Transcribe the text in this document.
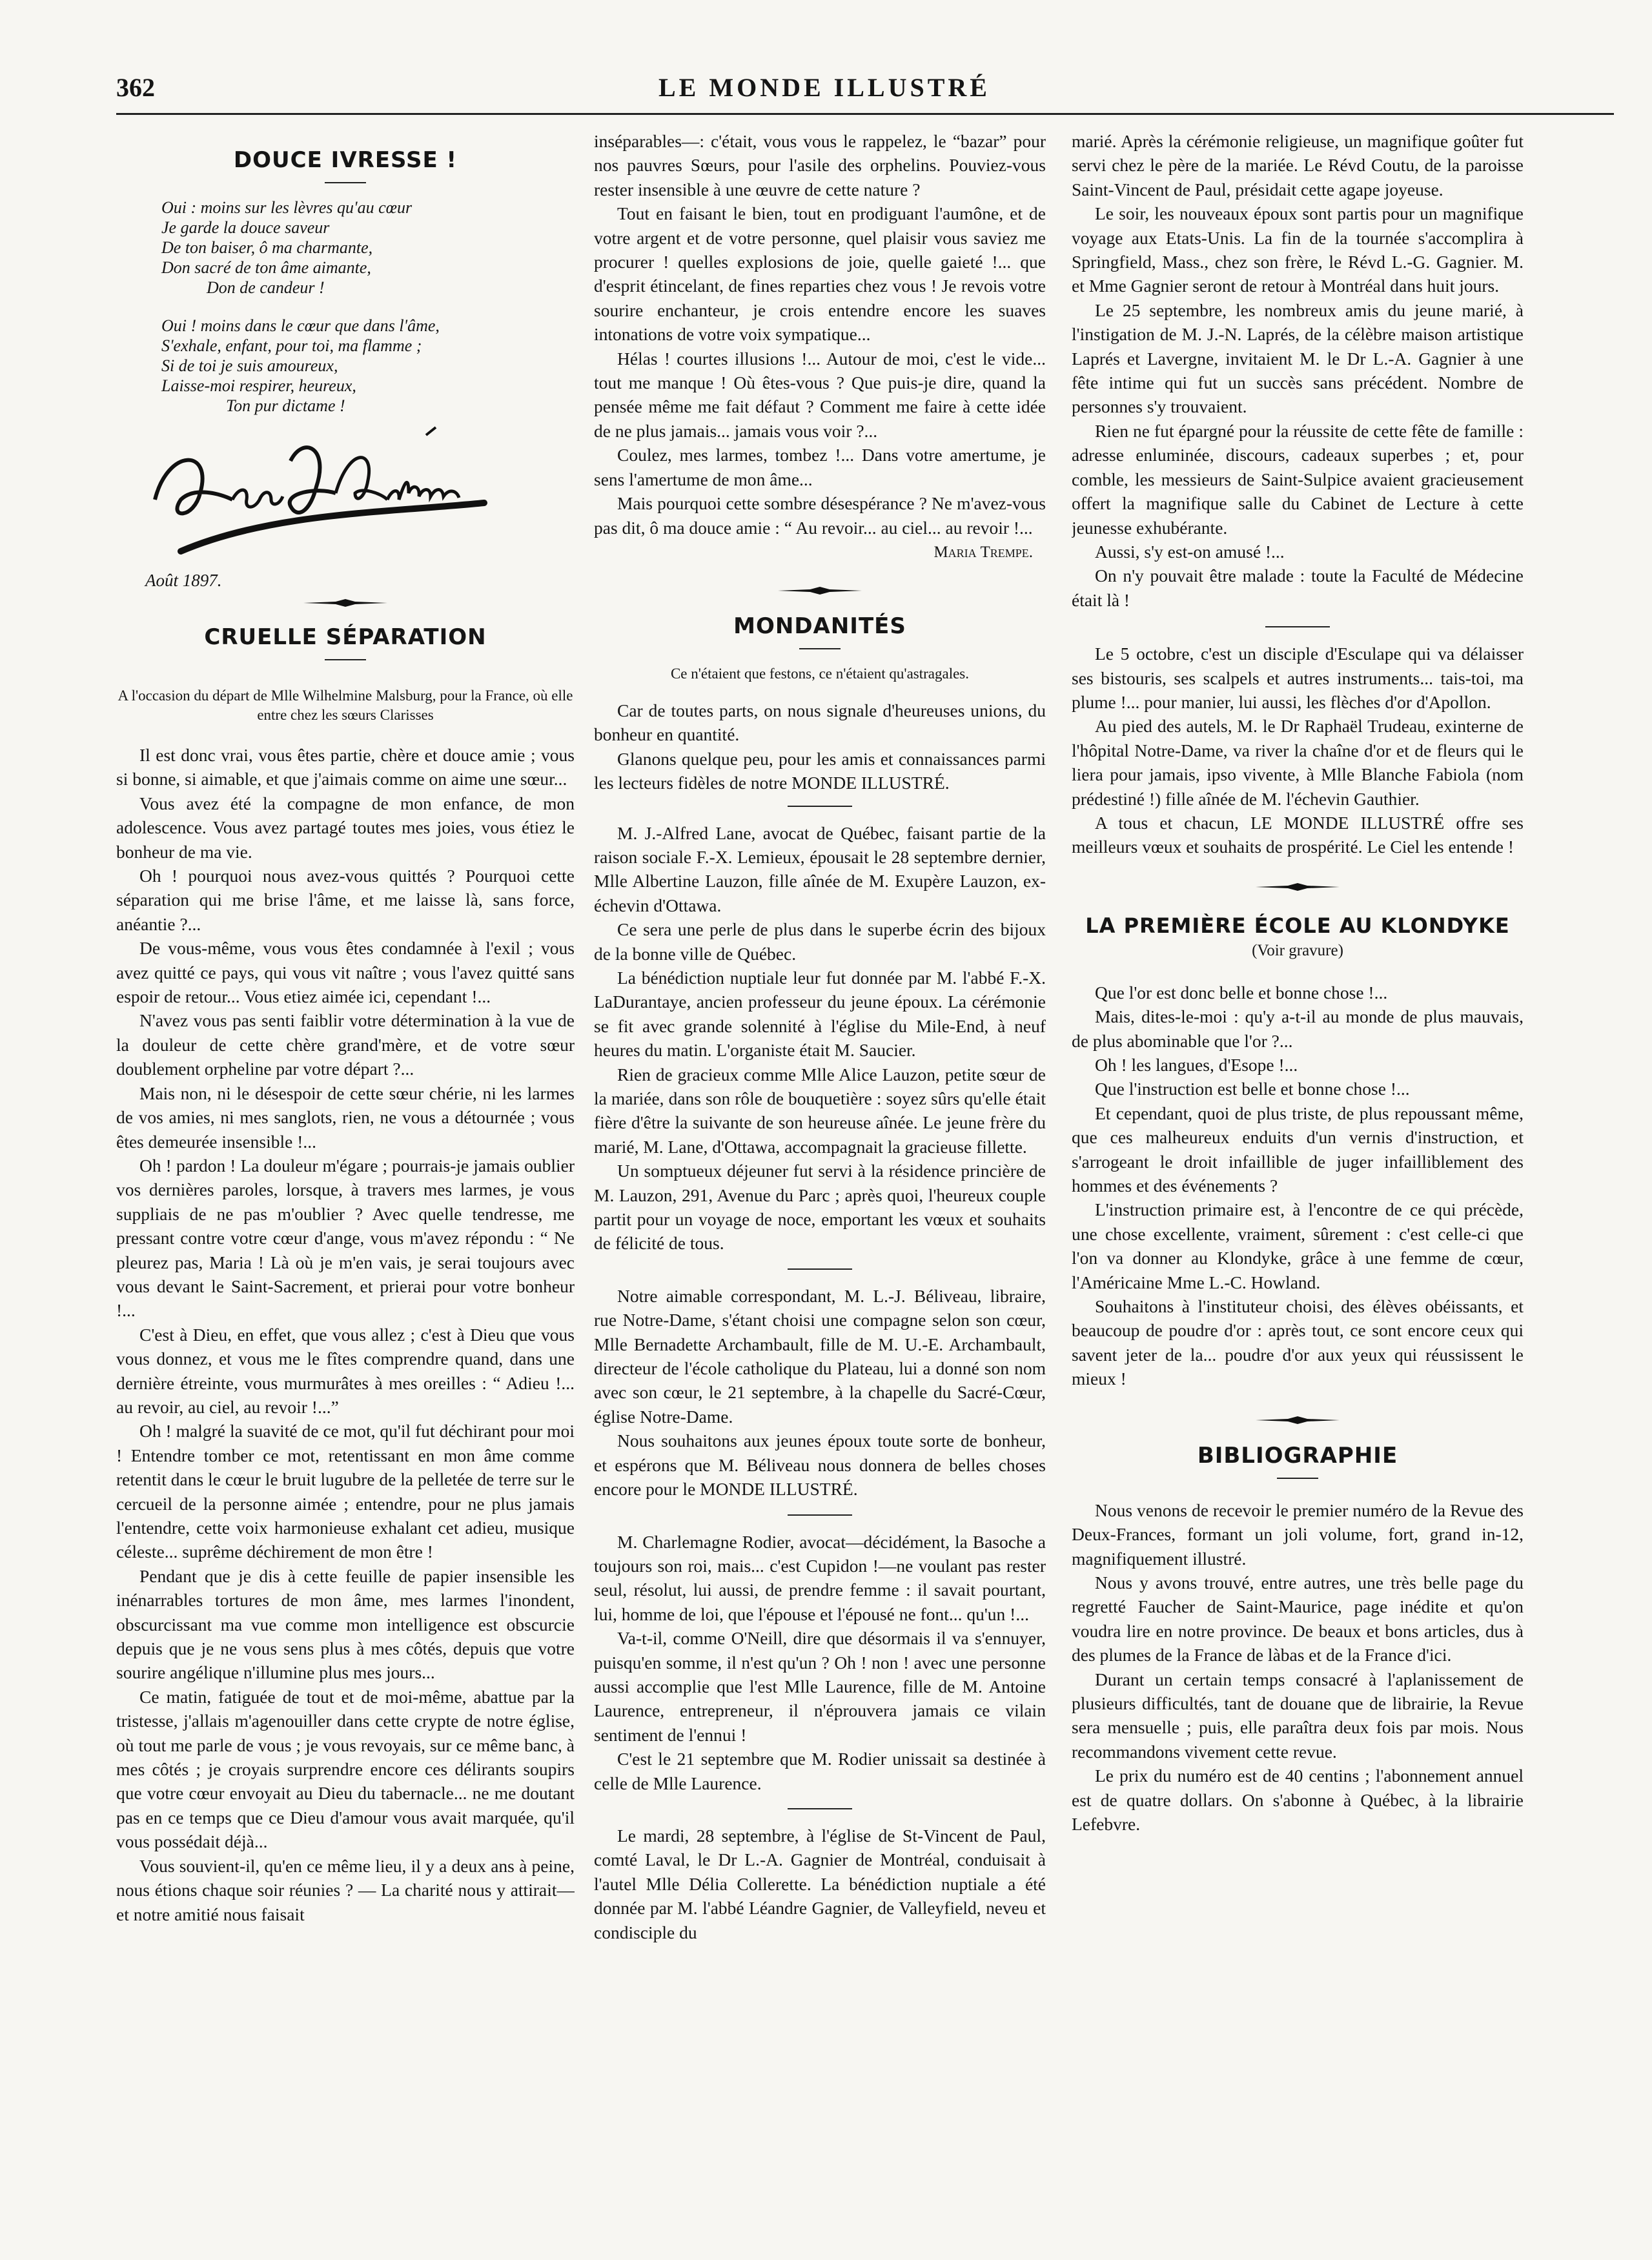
362	LE MONDE ILLUSTRÉ
DOUCE IVRESSE !
Oui : moins sur les lèvres qu'au cœur
Je garde la douce saveur
De ton baiser, ô ma charmante,
Don sacré de ton âme aimante,
Don de candeur !
Oui ! moins dans le cœur que dans l'âme,
S'exhale, enfant, pour toi, ma flamme ;
Si de toi je suis amoureux,
Laisse-moi respirer, heureux,
Ton pur dictame !
Août 1897.
CRUELLE SÉPARATION
A l'occasion du départ de Mlle Wilhelmine Malsburg, pour la France, où elle entre chez les sœurs Clarisses

Il est donc vrai, vous êtes partie, chère et douce amie ; vous si bonne, si aimable, et que j'aimais comme on aime une sœur...

Vous avez été la compagne de mon enfance, de mon adolescence. Vous avez partagé toutes mes joies, vous étiez le bonheur de ma vie.

Oh ! pourquoi nous avez-vous quittés ? Pourquoi cette séparation qui me brise l'âme, et me laisse là, sans force, anéantie ?...

De vous-même, vous vous êtes condamnée à l'exil ; vous avez quitté ce pays, qui vous vit naître ; vous l'avez quitté sans espoir de retour... Vous etiez aimée ici, cependant !...

N'avez vous pas senti faiblir votre détermination à la vue de la douleur de cette chère grand'mère, et de votre sœur doublement orpheline par votre départ ?...

Mais non, ni le désespoir de cette sœur chérie, ni les larmes de vos amies, ni mes sanglots, rien, ne vous a détournée ; vous êtes demeurée insensible !...

Oh ! pardon ! La douleur m'égare ; pourrais-je jamais oublier vos dernières paroles, lorsque, à travers mes larmes, je vous suppliais de ne pas m'oublier ? Avec quelle tendresse, me pressant contre votre cœur d'ange, vous m'avez répondu : “ Ne pleurez pas, Maria ! Là où je m'en vais, je serai toujours avec vous devant le Saint-Sacrement, et prierai pour votre bonheur !...

C'est à Dieu, en effet, que vous allez ; c'est à Dieu que vous vous donnez, et vous me le fîtes comprendre quand, dans une dernière étreinte, vous murmurâtes à mes oreilles : “ Adieu !... au revoir, au ciel, au revoir !...”

Oh ! malgré la suavité de ce mot, qu'il fut déchirant pour moi ! Entendre tomber ce mot, retentissant en mon âme comme retentit dans le cœur le bruit lugubre de la pelletée de terre sur le cercueil de la personne aimée ; entendre, pour ne plus jamais l'entendre, cette voix harmonieuse exhalant cet adieu, musique céleste... suprême déchirement de mon être !

Pendant que je dis à cette feuille de papier insensible les inénarrables tortures de mon âme, mes larmes l'inondent, obscurcissant ma vue comme mon intelligence est obscurcie depuis que je ne vous sens plus à mes côtés, depuis que votre sourire angélique n'illumine plus mes jours...

Ce matin, fatiguée de tout et de moi-même, abattue par la tristesse, j'allais m'agenouiller dans cette crypte de notre église, où tout me parle de vous ; je vous revoyais, sur ce même banc, à mes côtés ; je croyais surprendre encore ces délirants soupirs que votre cœur envoyait au Dieu du tabernacle... ne me doutant pas en ce temps que ce Dieu d'amour vous avait marquée, qu'il vous possédait déjà...

Vous souvient-il, qu'en ce même lieu, il y a deux ans à peine, nous étions chaque soir réunies ? — La charité nous y attirait—et notre amitié nous faisait

inséparables—: c'était, vous vous le rappelez, le “bazar” pour nos pauvres Sœurs, pour l'asile des orphelins. Pouviez-vous rester insensible à une œuvre de cette nature ?

Tout en faisant le bien, tout en prodiguant l'aumône, et de votre argent et de votre personne, quel plaisir vous saviez me procurer ! quelles explosions de joie, quelle gaieté !... que d'esprit étincelant, de fines reparties chez vous ! Je revois votre sourire enchanteur, je crois entendre encore les suaves intonations de votre voix sympatique...

Hélas ! courtes illusions !... Autour de moi, c'est le vide... tout me manque ! Où êtes-vous ? Que puis-je dire, quand la pensée même me fait défaut ? Comment me faire à cette idée de ne plus jamais... jamais vous voir ?...

Coulez, mes larmes, tombez !... Dans votre amertume, je sens l'amertume de mon âme...

Mais pourquoi cette sombre désespérance ? Ne m'avez-vous pas dit, ô ma douce amie : “ Au revoir... au ciel... au revoir !...

Maria Trempe.
MONDANITÉS
Ce n'étaient que festons, ce n'étaient qu'astragales.

Car de toutes parts, on nous signale d'heureuses unions, du bonheur en quantité.

Glanons quelque peu, pour les amis et connaissances parmi les lecteurs fidèles de notre MONDE ILLUSTRÉ.

M. J.-Alfred Lane, avocat de Québec, faisant partie de la raison sociale F.-X. Lemieux, épousait le 28 septembre dernier, Mlle Albertine Lauzon, fille aînée de M. Exupère Lauzon, ex-échevin d'Ottawa.

Ce sera une perle de plus dans le superbe écrin des bijoux de la bonne ville de Québec.

La bénédiction nuptiale leur fut donnée par M. l'abbé F.-X. LaDurantaye, ancien professeur du jeune époux. La cérémonie se fit avec grande solennité à l'église du Mile-End, à neuf heures du matin. L'organiste était M. Saucier.

Rien de gracieux comme Mlle Alice Lauzon, petite sœur de la mariée, dans son rôle de bouquetière : soyez sûrs qu'elle était fière d'être la suivante de son heureuse aînée. Le jeune frère du marié, M. Lane, d'Ottawa, accompagnait la gracieuse fillette.

Un somptueux déjeuner fut servi à la résidence princière de M. Lauzon, 291, Avenue du Parc ; après quoi, l'heureux couple partit pour un voyage de noce, emportant les vœux et souhaits de félicité de tous.

Notre aimable correspondant, M. L.-J. Béliveau, libraire, rue Notre-Dame, s'étant choisi une compagne selon son cœur, Mlle Bernadette Archambault, fille de M. U.-E. Archambault, directeur de l'école catholique du Plateau, lui a donné son nom avec son cœur, le 21 septembre, à la chapelle du Sacré-Cœur, église Notre-Dame.

Nous souhaitons aux jeunes époux toute sorte de bonheur, et espérons que M. Béliveau nous donnera de belles choses encore pour le MONDE ILLUSTRÉ.

M. Charlemagne Rodier, avocat—décidément, la Basoche a toujours son roi, mais... c'est Cupidon !—ne voulant pas rester seul, résolut, lui aussi, de prendre femme : il savait pourtant, lui, homme de loi, que l'épouse et l'épousé ne font... qu'un !...

Va-t-il, comme O'Neill, dire que désormais il va s'ennuyer, puisqu'en somme, il n'est qu'un ? Oh ! non ! avec une personne aussi accomplie que l'est Mlle Laurence, fille de M. Antoine Laurence, entrepreneur, il n'éprouvera jamais ce vilain sentiment de l'ennui !

C'est le 21 septembre que M. Rodier unissait sa destinée à celle de Mlle Laurence.

Le mardi, 28 septembre, à l'église de St-Vincent de Paul, comté Laval, le Dr L.-A. Gagnier de Montréal, conduisait à l'autel Mlle Délia Collerette. La bénédiction nuptiale a été donnée par M. l'abbé Léandre Gagnier, de Valleyfield, neveu et condisciple du

marié. Après la cérémonie religieuse, un magnifique goûter fut servi chez le père de la mariée. Le Révd Coutu, de la paroisse Saint-Vincent de Paul, présidait cette agape joyeuse.

Le soir, les nouveaux époux sont partis pour un magnifique voyage aux Etats-Unis. La fin de la tournée s'accomplira à Springfield, Mass., chez son frère, le Révd L.-G. Gagnier. M. et Mme Gagnier seront de retour à Montréal dans huit jours.

Le 25 septembre, les nombreux amis du jeune marié, à l'instigation de M. J.-N. Laprés, de la célèbre maison artistique Laprés et Lavergne, invitaient M. le Dr L.-A. Gagnier à une fête intime qui fut un succès sans précédent. Nombre de personnes s'y trouvaient.

Rien ne fut épargné pour la réussite de cette fête de famille : adresse enluminée, discours, cadeaux superbes ; et, pour comble, les messieurs de Saint-Sulpice avaient gracieusement offert la magnifique salle du Cabinet de Lecture à cette jeunesse exhubérante.

Aussi, s'y est-on amusé !...

On n'y pouvait être malade : toute la Faculté de Médecine était là !

Le 5 octobre, c'est un disciple d'Esculape qui va délaisser ses bistouris, ses scalpels et autres instruments... tais-toi, ma plume !... pour manier, lui aussi, les flèches d'or d'Apollon.

Au pied des autels, M. le Dr Raphaël Trudeau, exinterne de l'hôpital Notre-Dame, va river la chaîne d'or et de fleurs qui le liera pour jamais, ipso vivente, à Mlle Blanche Fabiola (nom prédestiné !) fille aînée de M. l'échevin Gauthier.

A tous et chacun, LE MONDE ILLUSTRÉ offre ses meilleurs vœux et souhaits de prospérité. Le Ciel les entende !

LA PREMIÈRE ÉCOLE AU KLONDYKE
(Voir gravure)

Que l'or est donc belle et bonne chose !...

Mais, dites-le-moi : qu'y a-t-il au monde de plus mauvais, de plus abominable que l'or ?...

Oh ! les langues, d'Esope !...

Que l'instruction est belle et bonne chose !...

Et cependant, quoi de plus triste, de plus repoussant même, que ces malheureux enduits d'un vernis d'instruction, et s'arrogeant le droit infaillible de juger infailliblement des hommes et des événements ?

L'instruction primaire est, à l'encontre de ce qui précède, une chose excellente, vraiment, sûrement : c'est celle-ci que l'on va donner au Klondyke, grâce à une femme de cœur, l'Américaine Mme L.-C. Howland.

Souhaitons à l'instituteur choisi, des élèves obéissants, et beaucoup de poudre d'or : après tout, ce sont encore ceux qui savent jeter de la... poudre d'or aux yeux qui réussissent le mieux !

BIBLIOGRAPHIE

Nous venons de recevoir le premier numéro de la Revue des Deux-Frances, formant un joli volume, fort, grand in-12, magnifiquement illustré.

Nous y avons trouvé, entre autres, une très belle page du regretté Faucher de Saint-Maurice, page inédite et qu'on voudra lire en notre province. De beaux et bons articles, dus à des plumes de la France de làbas et de la France d'ici.

Durant un certain temps consacré à l'aplanissement de plusieurs difficultés, tant de douane que de librairie, la Revue sera mensuelle ; puis, elle paraîtra deux fois par mois. Nous recommandons vivement cette revue.

Le prix du numéro est de 40 centins ; l'abonnement annuel est de quatre dollars. On s'abonne à Québec, à la librairie Lefebvre.
